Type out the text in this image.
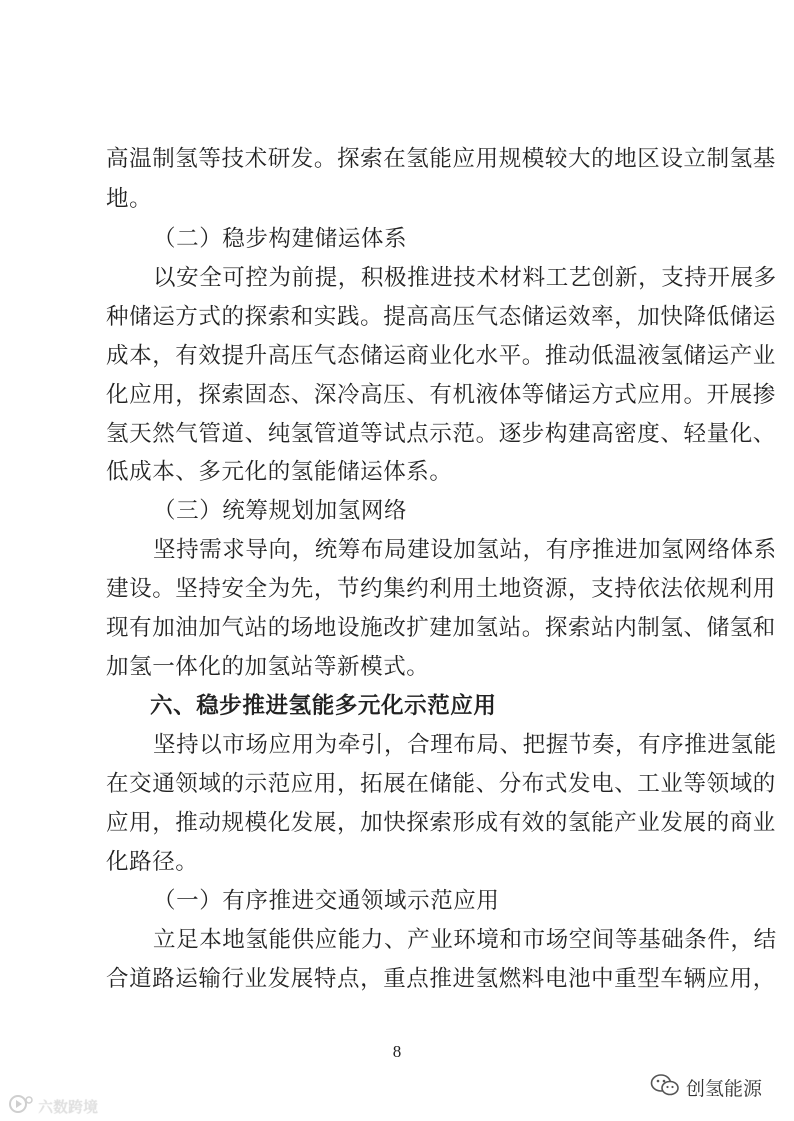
高温制氢等技术研发。探索在氢能应用规模较大的地区设立制氢基
地。
（二）稳步构建储运体系
以安全可控为前提，积极推进技术材料工艺创新，支持开展多
种储运方式的探索和实践。提高高压气态储运效率，加快降低储运
成本，有效提升高压气态储运商业化水平。推动低温液氢储运产业
化应用，探索固态、深冷高压、有机液体等储运方式应用。开展掺
氢天然气管道、纯氢管道等试点示范。逐步构建高密度、轻量化、
低成本、多元化的氢能储运体系。
（三）统筹规划加氢网络
坚持需求导向，统筹布局建设加氢站，有序推进加氢网络体系
建设。坚持安全为先，节约集约利用土地资源，支持依法依规利用
现有加油加气站的场地设施改扩建加氢站。探索站内制氢、储氢和
加氢一体化的加氢站等新模式。
六、稳步推进氢能多元化示范应用
坚持以市场应用为牵引，合理布局、把握节奏，有序推进氢能
在交通领域的示范应用，拓展在储能、分布式发电、工业等领域的
应用，推动规模化发展，加快探索形成有效的氢能产业发展的商业
化路径。
（一）有序推进交通领域示范应用
立足本地氢能供应能力、产业环境和市场空间等基础条件，结
合道路运输行业发展特点，重点推进氢燃料电池中重型车辆应用，
8
六数跨境
创氢能源
